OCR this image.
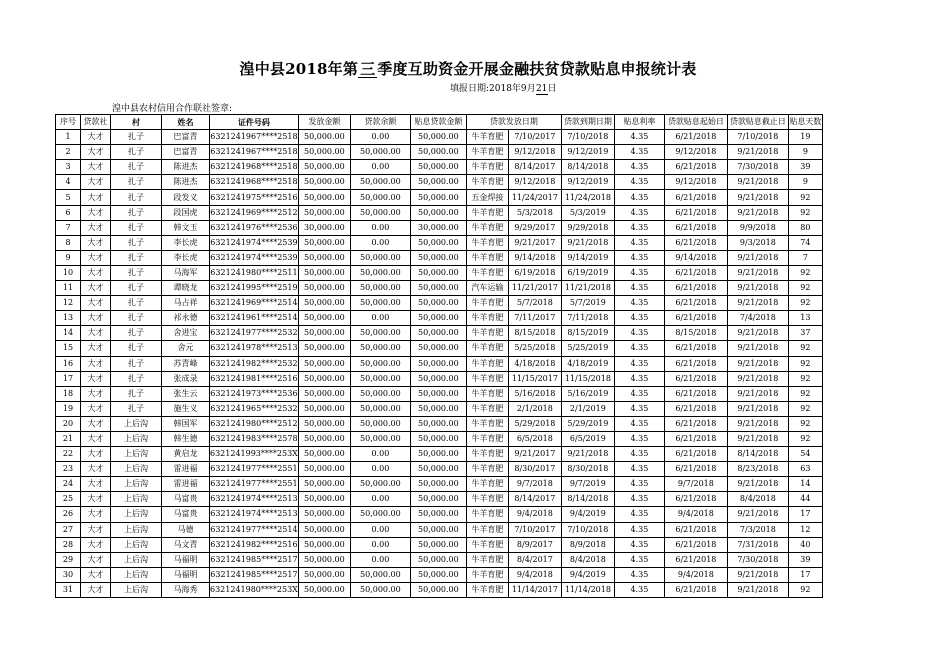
湟中县2018年第 三 季度互助资金开展金融扶贫贷款贴息申报统计表
填报日期:2018年9月21日
湟中县农村信用合作联社签章:
序号	贷款社	村	姓名	证件号码	发放金额	贷款余额	贴息贷款金额	贷款发放日期		贷款到期日期	贴息利率	贷款贴息起始日	贷款贴息截止日	贴息天数
1	大才	扎子	巴富青	6321241967****2518	50,000.00	0.00	50,000.00	牛羊育肥	7/10/2017	7/10/2018	4.35	6/21/2018	7/10/2018	19
2	大才	扎子	巴富青	6321241967****2518	50,000.00	50,000.00	50,000.00	牛羊育肥	9/12/2018	9/12/2019	4.35	9/12/2018	9/21/2018	9
3	大才	扎子	陈进杰	6321241968****2518	50,000.00	0.00	50,000.00	牛羊育肥	8/14/2017	8/14/2018	4.35	6/21/2018	7/30/2018	39
4	大才	扎子	陈进杰	6321241968****2518	50,000.00	50,000.00	50,000.00	牛羊育肥	9/12/2018	9/12/2019	4.35	9/12/2018	9/21/2018	9
5	大才	扎子	段发义	6321241975****2516	50,000.00	50,000.00	50,000.00	五金焊接	11/24/2017	11/24/2018	4.35	6/21/2018	9/21/2018	92
6	大才	扎子	段国虎	6321241969****2512	50,000.00	50,000.00	50,000.00	牛羊育肥	5/3/2018	5/3/2019	4.35	6/21/2018	9/21/2018	92
7	大才	扎子	韩文玉	6321241976****2536	30,000.00	0.00	30,000.00	牛羊育肥	9/29/2017	9/29/2018	4.35	6/21/2018	9/9/2018	80
8	大才	扎子	李长虎	6321241974****2539	50,000.00	0.00	50,000.00	牛羊育肥	9/21/2017	9/21/2018	4.35	6/21/2018	9/3/2018	74
9	大才	扎子	李长虎	6321241974****2539	50,000.00	50,000.00	50,000.00	牛羊育肥	9/14/2018	9/14/2019	4.35	9/14/2018	9/21/2018	7
10	大才	扎子	马海军	6321241980****2511	50,000.00	50,000.00	50,000.00	牛羊育肥	6/19/2018	6/19/2019	4.35	6/21/2018	9/21/2018	92
11	大才	扎子	谭晓龙	6321241995****2519	50,000.00	50,000.00	50,000.00	汽车运输	11/21/2017	11/21/2018	4.35	6/21/2018	9/21/2018	92
12	大才	扎子	马占祥	6321241969****2514	50,000.00	50,000.00	50,000.00	牛羊育肥	5/7/2018	5/7/2019	4.35	6/21/2018	9/21/2018	92
13	大才	扎子	祁永德	6321241961****2514	50,000.00	0.00	50,000.00	牛羊育肥	7/11/2017	7/11/2018	4.35	6/21/2018	7/4/2018	13
14	大才	扎子	舍进宝	6321241977****2532	50,000.00	50,000.00	50,000.00	牛羊育肥	8/15/2018	8/15/2019	4.35	8/15/2018	9/21/2018	37
15	大才	扎子	舍元	6321241978****2513	50,000.00	50,000.00	50,000.00	牛羊育肥	5/25/2018	5/25/2019	4.35	6/21/2018	9/21/2018	92
16	大才	扎子	苏青峰	6321241982****2532	50,000.00	50,000.00	50,000.00	牛羊育肥	4/18/2018	4/18/2019	4.35	6/21/2018	9/21/2018	92
17	大才	扎子	张成录	6321241981****2516	50,000.00	50,000.00	50,000.00	牛羊育肥	11/15/2017	11/15/2018	4.35	6/21/2018	9/21/2018	92
18	大才	扎子	张生云	6321241973****2536	50,000.00	50,000.00	50,000.00	牛羊育肥	5/16/2018	5/16/2019	4.35	6/21/2018	9/21/2018	92
19	大才	扎子	施生义	6321241965****2532	50,000.00	50,000.00	50,000.00	牛羊育肥	2/1/2018	2/1/2019	4.35	6/21/2018	9/21/2018	92
20	大才	上后沟	韩国军	6321241980****2512	50,000.00	50,000.00	50,000.00	牛羊育肥	5/29/2018	5/29/2019	4.35	6/21/2018	9/21/2018	92
21	大才	上后沟	韩生德	6321241983****2578	50,000.00	50,000.00	50,000.00	牛羊育肥	6/5/2018	6/5/2019	4.35	6/21/2018	9/21/2018	92
22	大才	上后沟	黄启龙	6321241993****253X	50,000.00	0.00	50,000.00	牛羊育肥	9/21/2017	9/21/2018	4.35	6/21/2018	8/14/2018	54
23	大才	上后沟	雷进福	6321241977****2551	50,000.00	0.00	50,000.00	牛羊育肥	8/30/2017	8/30/2018	4.35	6/21/2018	8/23/2018	63
24	大才	上后沟	雷进福	6321241977****2551	50,000.00	50,000.00	50,000.00	牛羊育肥	9/7/2018	9/7/2019	4.35	9/7/2018	9/21/2018	14
25	大才	上后沟	马富贵	6321241974****2513	50,000.00	0.00	50,000.00	牛羊育肥	8/14/2017	8/14/2018	4.35	6/21/2018	8/4/2018	44
26	大才	上后沟	马富贵	6321241974****2513	50,000.00	50,000.00	50,000.00	牛羊育肥	9/4/2018	9/4/2019	4.35	9/4/2018	9/21/2018	17
27	大才	上后沟	马德	6321241977****2514	50,000.00	0.00	50,000.00	牛羊育肥	7/10/2017	7/10/2018	4.35	6/21/2018	7/3/2018	12
28	大才	上后沟	马文青	6321241982****2516	50,000.00	0.00	50,000.00	牛羊育肥	8/9/2017	8/9/2018	4.35	6/21/2018	7/31/2018	40
29	大才	上后沟	马福明	6321241985****2517	50,000.00	0.00	50,000.00	牛羊育肥	8/4/2017	8/4/2018	4.35	6/21/2018	7/30/2018	39
30	大才	上后沟	马福明	6321241985****2517	50,000.00	50,000.00	50,000.00	牛羊育肥	9/4/2018	9/4/2019	4.35	9/4/2018	9/21/2018	17
31	大才	上后沟	马海秀	6321241980****253X	50,000.00	50,000.00	50,000.00	牛羊育肥	11/14/2017	11/14/2018	4.35	6/21/2018	9/21/2018	92
